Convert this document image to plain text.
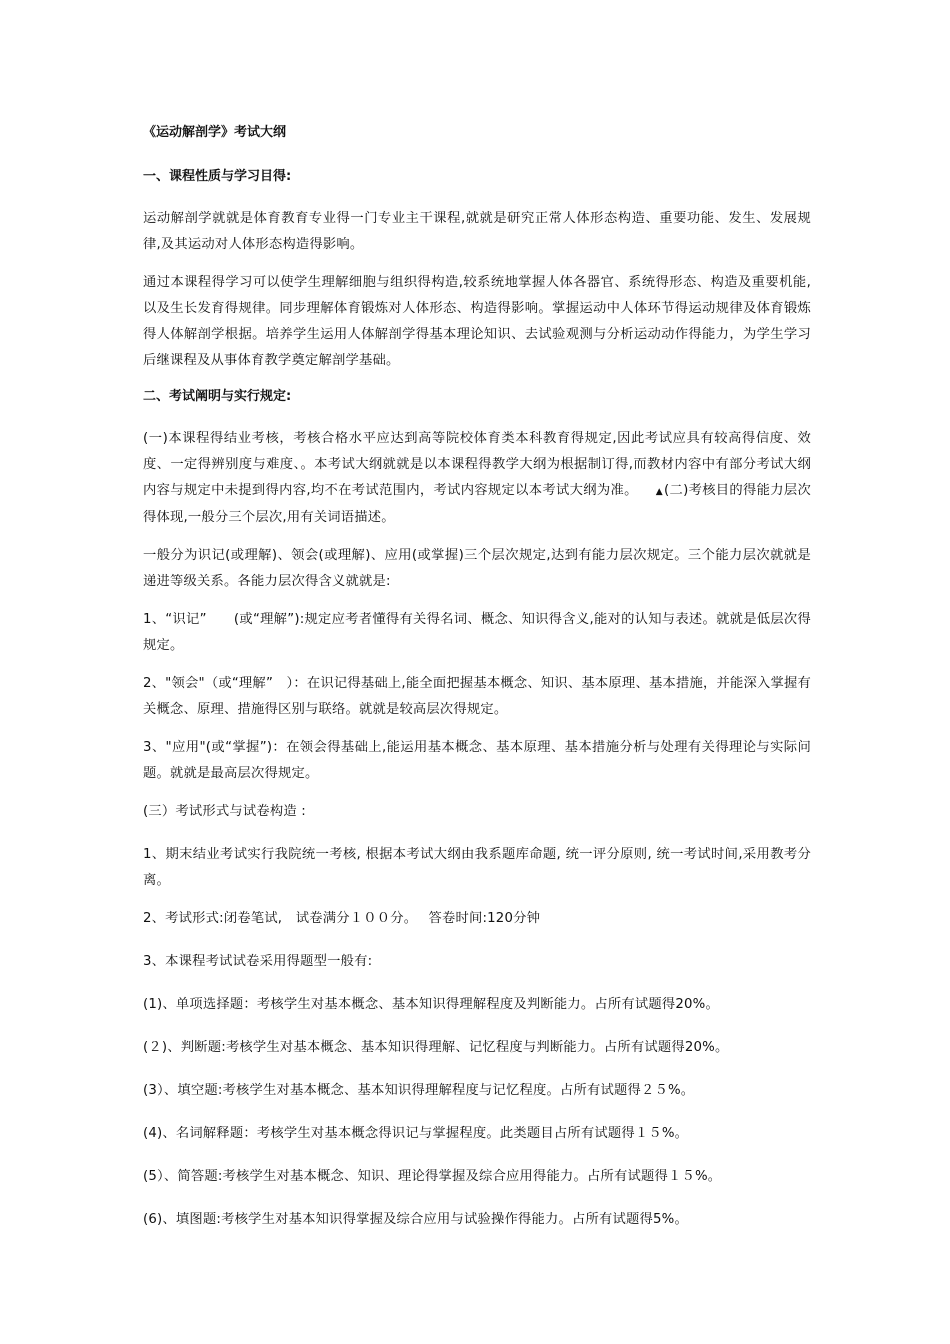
《运动解剖学》考试大纲
一、课程性质与学习目得:
运动解剖学就就是体育教育专业得一门专业主干课程,就就是研究正常人体形态构造、重要功能、发生、发展规律,及其运动对人体形态构造得影响。
通过本课程得学习可以使学生理解细胞与组织得构造,较系统地掌握人体各器官、系统得形态、构造及重要机能,以及生长发育得规律。同步理解体育锻炼对人体形态、构造得影响。掌握运动中人体环节得运动规律及体育锻炼得人体解剖学根据。培养学生运用人体解剖学得基本理论知识、去试验观测与分析运动动作得能力，为学生学习后继课程及从事体育教学奠定解剖学基础。
二、考试阐明与实行规定:
(一)本课程得结业考核，考核合格水平应达到高等院校体育类本科教育得规定,因此考试应具有较高得信度、效度、一定得辨别度与难度、。本考试大纲就就是以本课程得教学大纲为根据制订得,而教材内容中有部分考试大纲内容与规定中未提到得内容,均不在考试范围内，考试内容规定以本考试大纲为准。 ▲(二)考核目的得能力层次得体现,一般分三个层次,用有关词语描述。
一般分为识记(或理解)、领会(或理解)、应用(或掌握)三个层次规定,达到有能力层次规定。三个能力层次就就是递进等级关系。各能力层次得含义就就是:
1、“识记”　　(或“理解”):规定应考者懂得有关得名词、概念、知识得含义,能对的认知与表述。就就是低层次得规定。
2、"领会"（或“理解”　）：在识记得基础上,能全面把握基本概念、知识、基本原理、基本措施，并能深入掌握有关概念、原理、措施得区别与联络。就就是较高层次得规定。
3、"应用"(或“掌握”)：在领会得基础上,能运用基本概念、基本原理、基本措施分析与处理有关得理论与实际问题。就就是最高层次得规定。
(三）考试形式与试卷构造 :
1、期末结业考试实行我院统一考核, 根据本考试大纲由我系题库命题, 统一评分原则, 统一考试时间,采用教考分离。
2、考试形式:闭卷笔试,　试卷满分１００分。　 答卷时间:120分钟
3、本课程考试试卷采用得题型一般有:
(1)、单项选择题：考核学生对基本概念、基本知识得理解程度及判断能力。占所有试题得20%。
(２)、判断题:考核学生对基本概念、基本知识得理解、记忆程度与判断能力。占所有试题得20%。
(3）、填空题:考核学生对基本概念、基本知识得理解程度与记忆程度。占所有试题得２５%。
(4)、名词解释题：考核学生对基本概念得识记与掌握程度。此类题目占所有试题得１５%。
(5）、简答题:考核学生对基本概念、知识、理论得掌握及综合应用得能力。占所有试题得１５%。
(6)、填图题:考核学生对基本知识得掌握及综合应用与试验操作得能力。占所有试题得5%。
